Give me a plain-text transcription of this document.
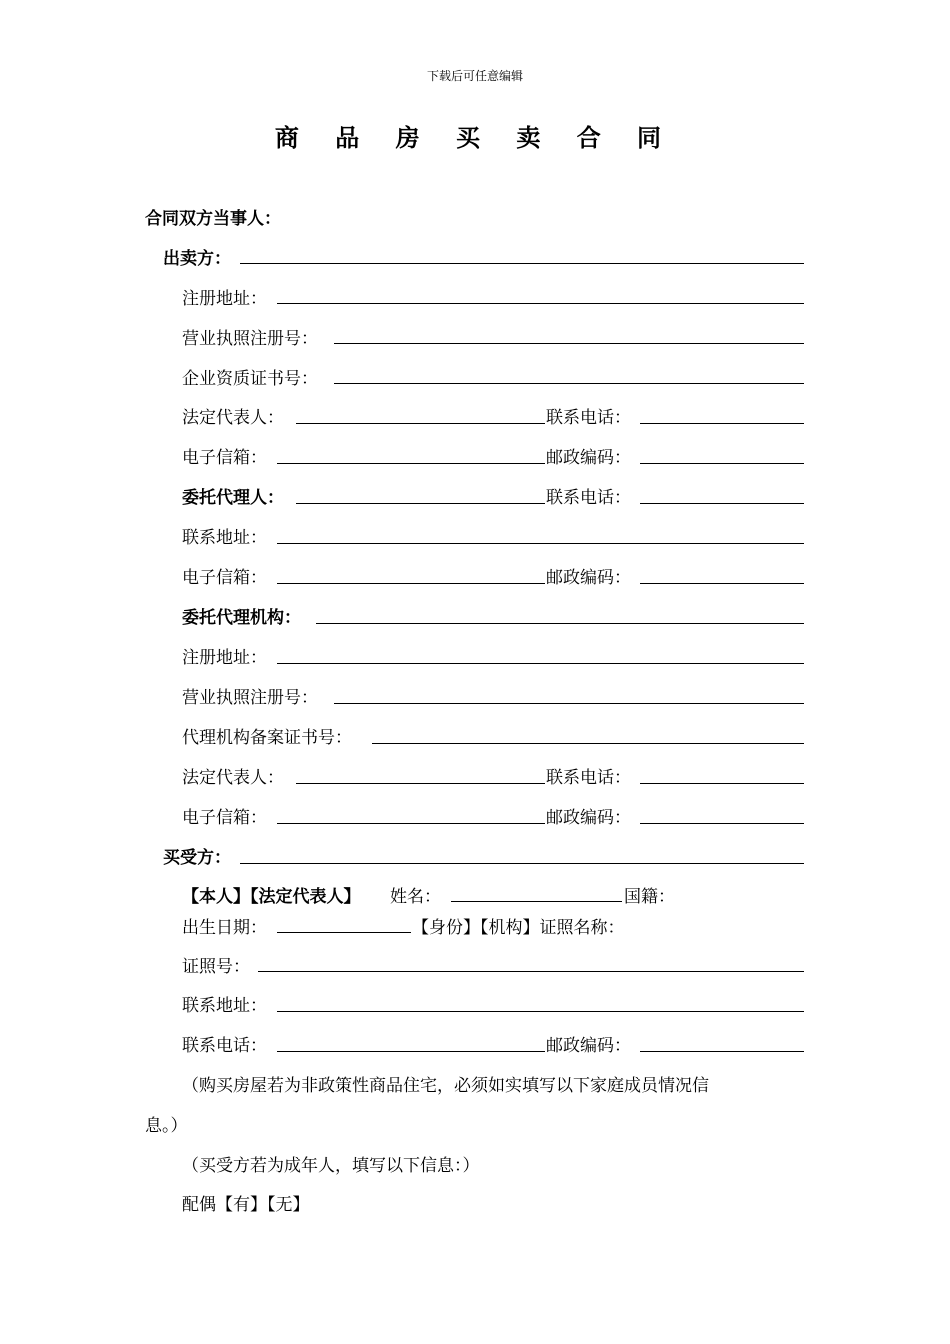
下载后可任意编辑
商 品 房 买 卖 合 同
合同双方当事人：
出卖方：
注册地址：
营业执照注册号：
企业资质证书号：
法定代表人：	联系电话：
电子信箱：	邮政编码：
委托代理人：	联系电话：
联系地址：
电子信箱：	邮政编码：
委托代理机构：
注册地址：
营业执照注册号：
代理机构备案证书号：
法定代表人：	联系电话：
电子信箱：	邮政编码：
买受方：
【本人】【法定代表人】 姓名：	国籍：
出生日期：	【身份】【机构】证照名称：
证照号：
联系地址：
联系电话：	邮政编码：
（购买房屋若为非政策性商品住宅，必须如实填写以下家庭成员情况信
息。）
（买受方若为成年人，填写以下信息：）
配偶【有】【无】
